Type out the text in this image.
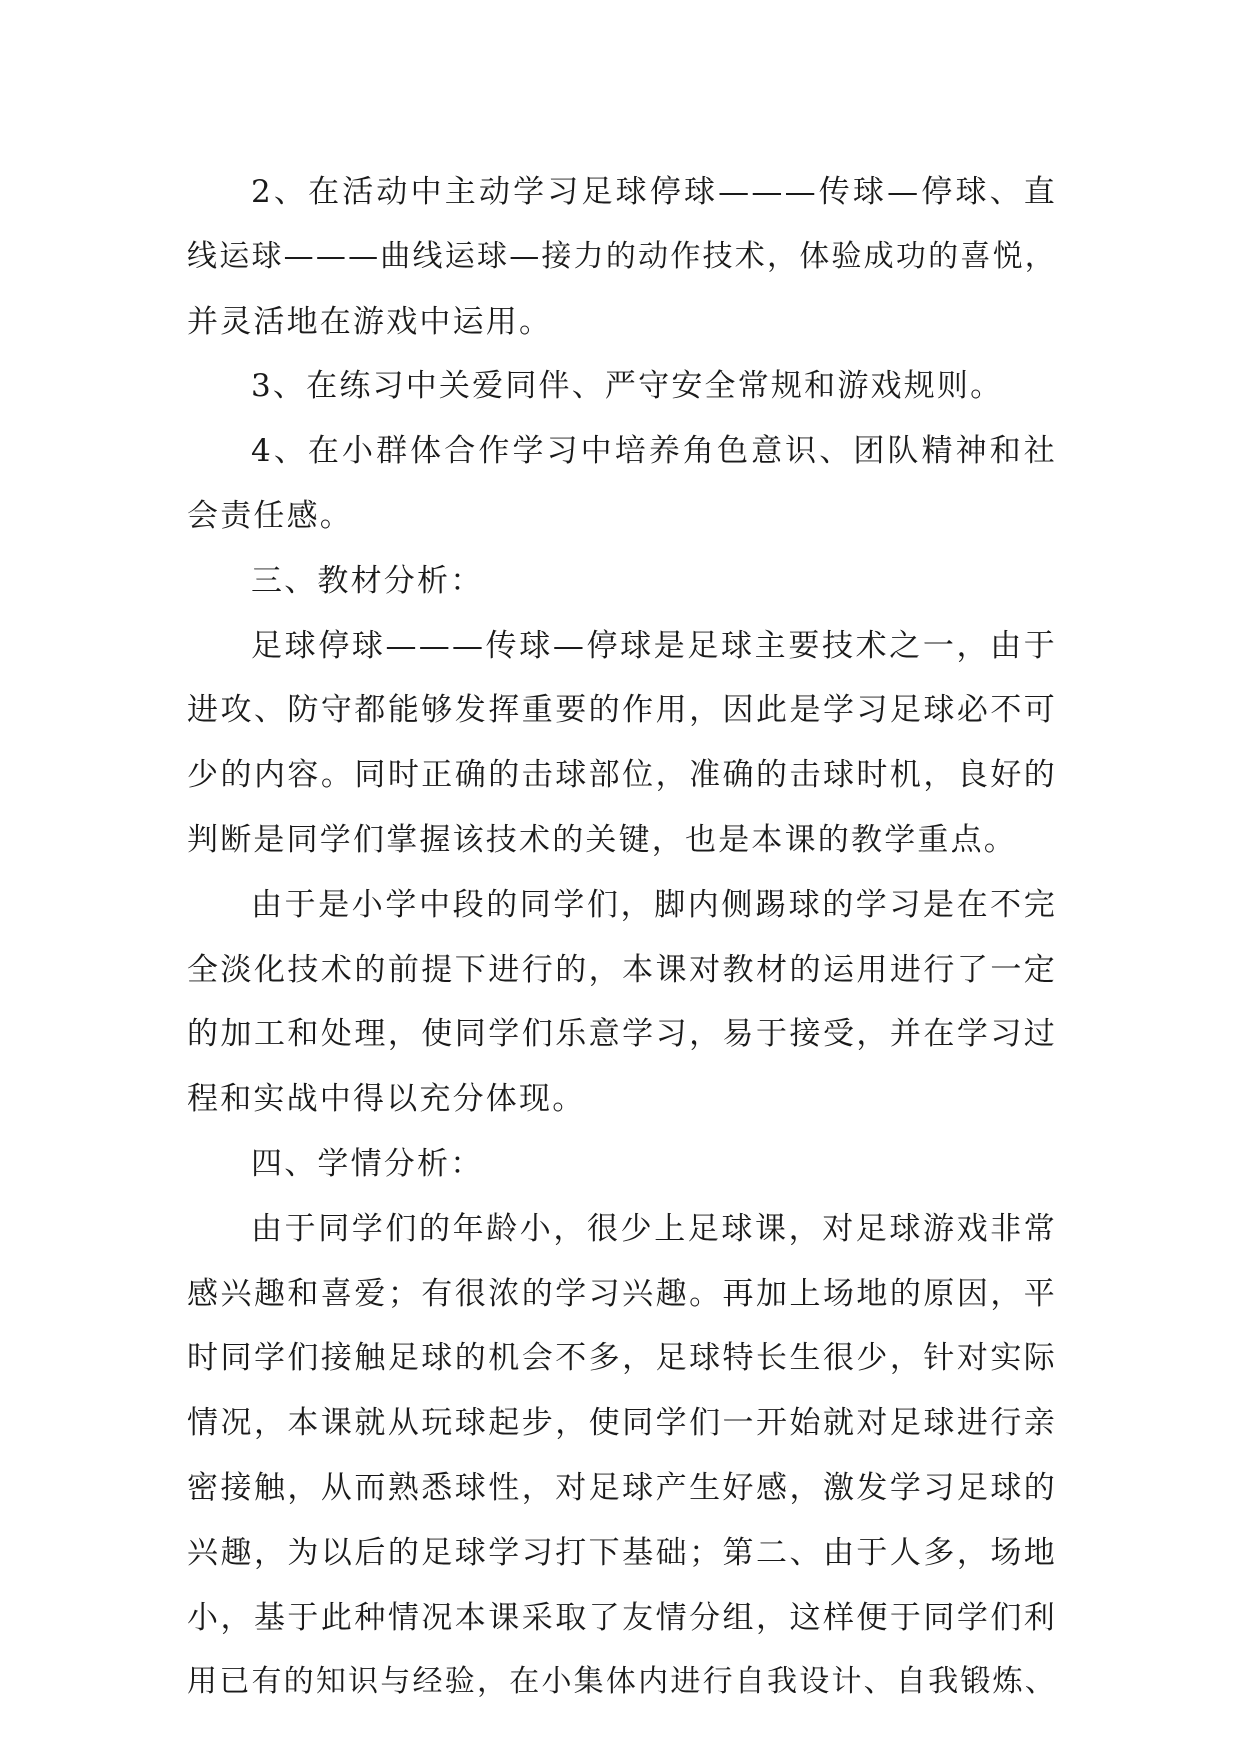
2、在活动中主动学习足球停球———传球—停球、直
线运球———曲线运球—接力的动作技术，体验成功的喜悦，
并灵活地在游戏中运用。
3、在练习中关爱同伴、严守安全常规和游戏规则。
4、在小群体合作学习中培养角色意识、团队精神和社
会责任感。
三、教材分析：
足球停球———传球—停球是足球主要技术之一，由于
进攻、防守都能够发挥重要的作用，因此是学习足球必不可
少的内容。同时正确的击球部位，准确的击球时机，良好的
判断是同学们掌握该技术的关键，也是本课的教学重点。
由于是小学中段的同学们，脚内侧踢球的学习是在不完
全淡化技术的前提下进行的，本课对教材的运用进行了一定
的加工和处理，使同学们乐意学习，易于接受，并在学习过
程和实战中得以充分体现。
四、学情分析：
由于同学们的年龄小，很少上足球课，对足球游戏非常
感兴趣和喜爱；有很浓的学习兴趣。再加上场地的原因，平
时同学们接触足球的机会不多，足球特长生很少，针对实际
情况，本课就从玩球起步，使同学们一开始就对足球进行亲
密接触，从而熟悉球性，对足球产生好感，激发学习足球的
兴趣，为以后的足球学习打下基础；第二、由于人多，场地
小，基于此种情况本课采取了友情分组，这样便于同学们利
用已有的知识与经验，在小集体内进行自我设计、自我锻炼、
